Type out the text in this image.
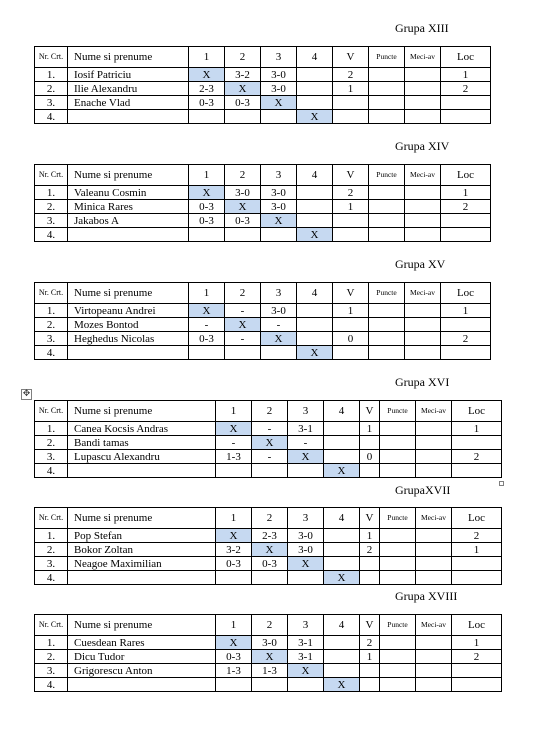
Grupa XIII
Grupa XIV
Grupa XV
Grupa XVI
GrupaXVII
Grupa XVIII
Nr. Crt.	Nume si prenume	1	2	3	4	V	Puncte	Meci-av	Loc
1.	Iosif Patriciu	X	3-2	3-0		2			1
2.	Ilie Alexandru	2-3	X	3-0		1			2
3.	Enache Vlad	0-3	0-3	X					
4.					X				
Nr. Crt.	Nume si prenume	1	2	3	4	V	Puncte	Meci-av	Loc
1.	Valeanu Cosmin	X	3-0	3-0		2			1
2.	Minica Rares	0-3	X	3-0		1			2
3.	Jakabos A	0-3	0-3	X					
4.					X				
Nr. Crt.	Nume si prenume	1	2	3	4	V	Puncte	Meci-av	Loc
1.	Virtopeanu Andrei	X	-	3-0		1			1
2.	Mozes Bontod	-	X	-					
3.	Heghedus Nicolas	0-3	-	X		0			2
4.					X				
Nr. Crt.	Nume si prenume	1	2	3	4	V	Puncte	Meci-av	Loc
1.	Canea Kocsis Andras	X	-	3-1		1			1
2.	Bandi tamas	-	X	-					
3.	Lupascu Alexandru	1-3	-	X		0			2
4.					X				
Nr. Crt.	Nume si prenume	1	2	3	4	V	Puncte	Meci-av	Loc
1.	Pop Stefan	X	2-3	3-0		1			2
2.	Bokor Zoltan	3-2	X	3-0		2			1
3.	Neagoe Maximilian	0-3	0-3	X					
4.					X				
Nr. Crt.	Nume si prenume	1	2	3	4	V	Puncte	Meci-av	Loc
1.	Cuesdean Rares	X	3-0	3-1		2			1
2.	Dicu Tudor	0-3	X	3-1		1			2
3.	Grigorescu Anton	1-3	1-3	X					
4.					X				
✥
